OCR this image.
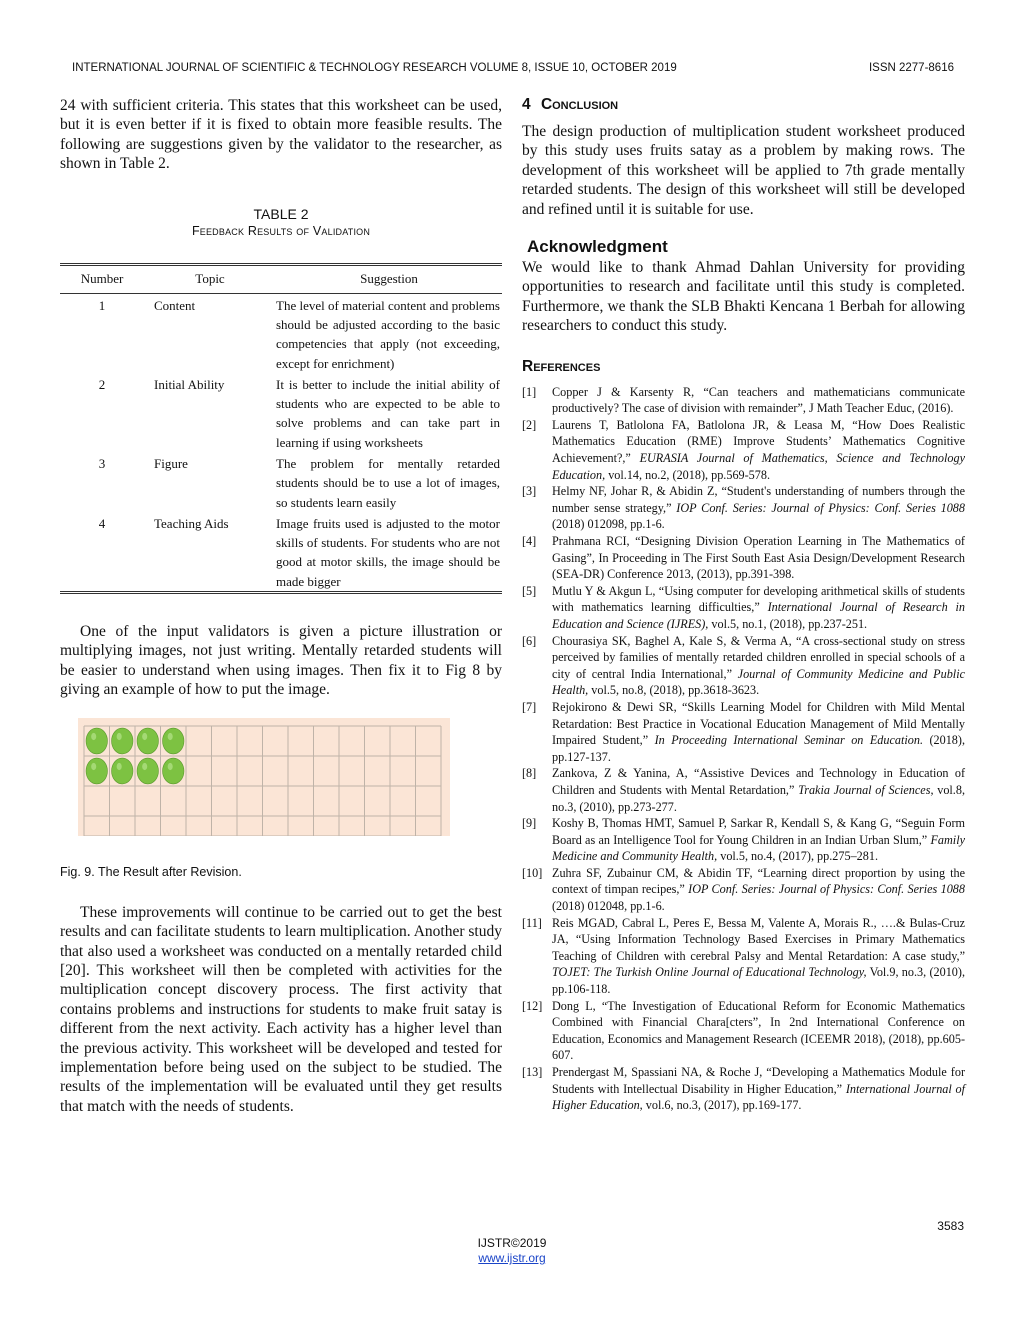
INTERNATIONAL JOURNAL OF SCIENTIFIC & TECHNOLOGY RESEARCH VOLUME 8, ISSUE 10, OCTOBER 2019	ISSN 2277-8616

24 with sufficient criteria. This states that this worksheet can be used, but it is even better if it is fixed to obtain more feasible results. The following are suggestions given by the validator to the researcher, as shown in Table 2.

TABLE 2
Feedback Results of Validation
Number	Topic	Suggestion
1	Content	The level of material content and problems should be adjusted according to the basic competencies that apply (not exceeding, except for enrichment)
2	Initial Ability	It is better to include the initial ability of students who are expected to be able to solve problems and can take part in learning if using worksheets
3	Figure	The problem for mentally retarded students should be to use a lot of images, so students learn easily
4	Teaching Aids	Image fruits used is adjusted to the motor skills of students. For students who are not good at motor skills, the image should be made bigger

One of the input validators is given a picture illustration or multiplying images, not just writing. Mentally retarded students will be easier to understand when using images. Then fix it to Fig 8 by giving an example of how to put the image.

Fig. 9. The Result after Revision.

These improvements will continue to be carried out to get the best results and can facilitate students to learn multiplication. Another study that also used a worksheet was conducted on a mentally retarded child [20]. This worksheet will then be completed with activities for the multiplication concept discovery process. The first activity that contains problems and instructions for students to make fruit satay is different from the next activity. Each activity has a higher level than the previous activity. This worksheet will be developed and tested for implementation before being used on the subject to be studied. The results of the implementation will be evaluated until they get results that match with the needs of students.

4 Conclusion

The design production of multiplication student worksheet produced by this study uses fruits satay as a problem by making rows. The development of this worksheet will be applied to 7th grade mentally retarded students. The design of this worksheet will still be developed and refined until it is suitable for use.

Acknowledgment

We would like to thank Ahmad Dahlan University for providing opportunities to research and facilitate until this study is completed. Furthermore, we thank the SLB Bhakti Kencana 1 Berbah for allowing researchers to conduct this study.

References
[1]	Copper J & Karsenty R, “Can teachers and mathematicians communicate productively? The case of division with remainder”, J Math Teacher Educ, (2016).
[2]	Laurens T, Batlolona FA, Batlolona JR, & Leasa M, “How Does Realistic Mathematics Education (RME) Improve Students’ Mathematics Cognitive Achievement?,” EURASIA Journal of Mathematics, Science and Technology Education, vol.14, no.2, (2018), pp.569-578.
[3]	Helmy NF, Johar R, & Abidin Z, “Student's understanding of numbers through the number sense strategy,” IOP Conf. Series: Journal of Physics: Conf. Series 1088 (2018) 012098, pp.1-6.
[4]	Prahmana RCI, “Designing Division Operation Learning in The Mathematics of Gasing”, In Proceeding in The First South East Asia Design/Development Research (SEA-DR) Conference 2013, (2013), pp.391-398.
[5]	Mutlu Y & Akgun L, “Using computer for developing arithmetical skills of students with mathematics learning difficulties,” International Journal of Research in Education and Science (IJRES), vol.5, no.1, (2018), pp.237-251.
[6]	Chourasiya SK, Baghel A, Kale S, & Verma A, “A cross-sectional study on stress perceived by families of mentally retarded children enrolled in special schools of a city of central India International,” Journal of Community Medicine and Public Health, vol.5, no.8, (2018), pp.3618-3623.
[7]	Rejokirono & Dewi SR, “Skills Learning Model for Children with Mild Mental Retardation: Best Practice in Vocational Education Management of Mild Mentally Impaired Student,” In Proceeding International Seminar on Education. (2018), pp.127-137.
[8]	Zankova, Z & Yanina, A, “Assistive Devices and Technology in Education of Children and Students with Mental Retardation,” Trakia Journal of Sciences, vol.8, no.3, (2010), pp.273-277.
[9]	Koshy B, Thomas HMT, Samuel P, Sarkar R, Kendall S, & Kang G, “Seguin Form Board as an Intelligence Tool for Young Children in an Indian Urban Slum,” Family Medicine and Community Health, vol.5, no.4, (2017), pp.275–281.
[10] Zuhra SF, Zubainur CM, & Abidin TF, “Learning direct proportion by using the context of timpan recipes,” IOP Conf. Series: Journal of Physics: Conf. Series 1088 (2018) 012048, pp.1-6.
[11] Reis MGAD, Cabral L, Peres E, Bessa M, Valente A, Morais R., ….& Bulas-Cruz JA, “Using Information Technology Based Exercises in Primary Mathematics Teaching of Children with cerebral Palsy and Mental Retardation: A case study,” TOJET: The Turkish Online Journal of Educational Technology, Vol.9, no.3, (2010), pp.106-118.
[12] Dong L, “The Investigation of Educational Reform for Economic Mathematics Combined with Financial Chara[cters”, In 2nd International Conference on Education, Economics and Management Research (ICEEMR 2018), (2018), pp.605-607.
[13] Prendergast M, Spassiani NA, & Roche J, “Developing a Mathematics Module for Students with Intellectual Disability in Higher Education,” International Journal of Higher Education, vol.6, no.3, (2017), pp.169-177.
3583
IJSTR©2019
www.ijstr.org
